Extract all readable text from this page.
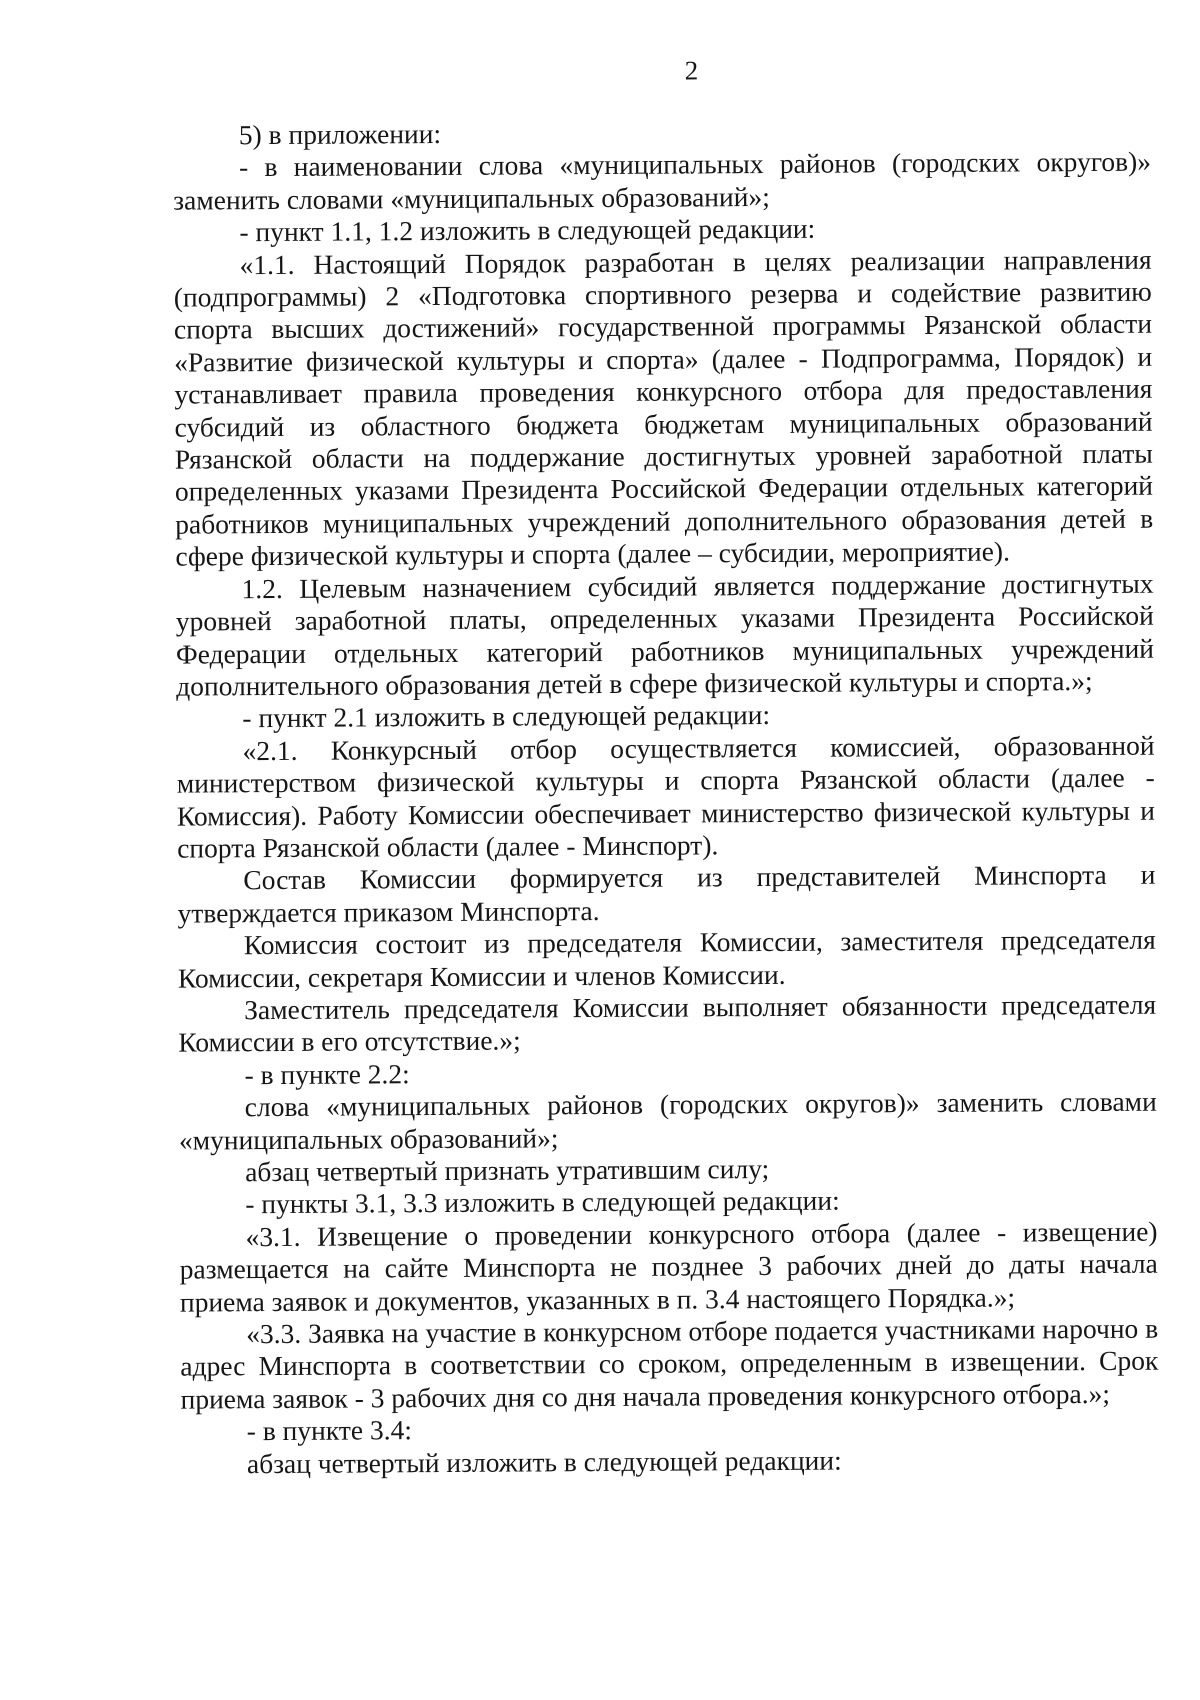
2

5) в приложении:

- в наименовании слова «муниципальных районов (городских округов)» заменить словами «муниципальных образований»;

- пункт 1.1, 1.2 изложить в следующей редакции:

«1.1. Настоящий Порядок разработан в целях реализации направления (подпрограммы) 2 «Подготовка спортивного резерва и содействие развитию спорта высших достижений» государственной программы Рязанской области «Развитие физической культуры и спорта» (далее - Подпрограмма, Порядок) и устанавливает правила проведения конкурсного отбора для предоставления субсидий из областного бюджета бюджетам муниципальных образований Рязанской области на поддержание достигнутых уровней заработной платы определенных указами Президента Российской Федерации отдельных категорий работников муниципальных учреждений дополнительного образования детей в сфере физической культуры и спорта (далее – субсидии, мероприятие).

1.2. Целевым назначением субсидий является поддержание достигнутых уровней заработной платы, определенных указами Президента Российской Федерации отдельных категорий работников муниципальных учреждений дополнительного образования детей в сфере физической культуры и спорта.»;

- пункт 2.1 изложить в следующей редакции:

«2.1. Конкурсный отбор осуществляется комиссией, образованной министерством физической культуры и спорта Рязанской области (далее - Комиссия). Работу Комиссии обеспечивает министерство физической культуры и спорта Рязанской области (далее - Минспорт).

Состав Комиссии формируется из представителей Минспорта и утверждается приказом Минспорта.

Комиссия состоит из председателя Комиссии, заместителя председателя Комиссии, секретаря Комиссии и членов Комиссии.

Заместитель председателя Комиссии выполняет обязанности председателя Комиссии в его отсутствие.»;

- в пункте 2.2:

слова «муниципальных районов (городских округов)» заменить словами «муниципальных образований»;

абзац четвертый признать утратившим силу;

- пункты 3.1, 3.3 изложить в следующей редакции:

«3.1. Извещение о проведении конкурсного отбора (далее - извещение) размещается на сайте Минспорта не позднее 3 рабочих дней до даты начала приема заявок и документов, указанных в п. 3.4 настоящего Порядка.»;

«3.3. Заявка на участие в конкурсном отборе подается участниками нарочно в адрес Минспорта в соответствии со сроком, определенным в извещении. Срок приема заявок - 3 рабочих дня со дня начала проведения конкурсного отбора.»;

- в пункте 3.4:

абзац четвертый изложить в следующей редакции:
